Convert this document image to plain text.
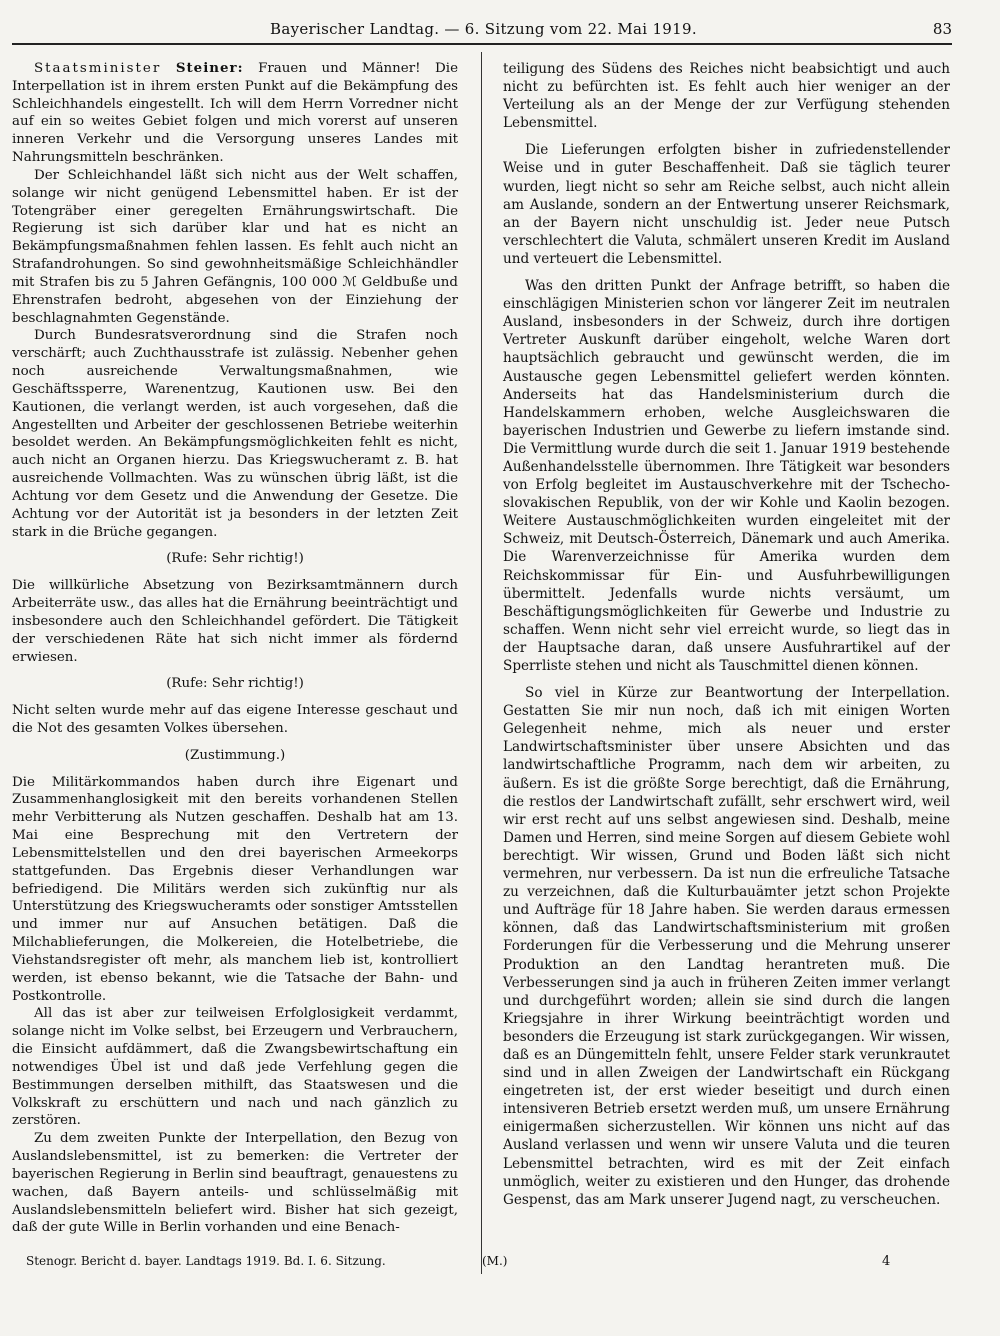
Bayerischer Landtag. — 6. Sitzung vom 22. Mai 1919.	83

Staatsminister Steiner: Frauen und Männer! Die Interpellation ist in ihrem ersten Punkt auf die Bekämpfung des Schleichhandels eingestellt. Ich will dem Herrn Vorredner nicht auf ein so weites Gebiet folgen und mich vorerst auf unseren inneren Verkehr und die Versorgung unseres Landes mit Nahrungsmitteln beschränken.

Der Schleichhandel läßt sich nicht aus der Welt schaffen, solange wir nicht genügend Lebensmittel haben. Er ist der Totengräber einer geregelten Ernährungswirtschaft. Die Regierung ist sich darüber klar und hat es nicht an Bekämpfungsmaßnahmen fehlen lassen. Es fehlt auch nicht an Strafandrohungen. So sind gewohnheitsmäßige Schleichhändler mit Strafen bis zu 5 Jahren Gefängnis, 100 000 ℳ Geldbuße und Ehrenstrafen bedroht, abgesehen von der Einziehung der beschlagnahmten Gegenstände.

Durch Bundesratsverordnung sind die Strafen noch verschärft; auch Zuchthausstrafe ist zulässig. Nebenher gehen noch ausreichende Verwaltungsmaßnahmen, wie Geschäftssperre, Warenentzug, Kautionen usw. Bei den Kautionen, die verlangt werden, ist auch vorgesehen, daß die Angestellten und Arbeiter der geschlossenen Betriebe weiterhin besoldet werden. An Bekämpfungsmöglichkeiten fehlt es nicht, auch nicht an Organen hierzu. Das Kriegswucheramt z. B. hat ausreichende Vollmachten. Was zu wünschen übrig läßt, ist die Achtung vor dem Gesetz und die Anwendung der Gesetze. Die Achtung vor der Autorität ist ja besonders in der letzten Zeit stark in die Brüche gegangen.

(Rufe: Sehr richtig!)

Die willkürliche Absetzung von Bezirksamtmännern durch Arbeiterräte usw., das alles hat die Ernährung beeinträchtigt und insbesondere auch den Schleichhandel gefördert. Die Tätigkeit der verschiedenen Räte hat sich nicht immer als fördernd erwiesen.

(Rufe: Sehr richtig!)

Nicht selten wurde mehr auf das eigene Interesse geschaut und die Not des gesamten Volkes übersehen.

(Zustimmung.)

Die Militärkommandos haben durch ihre Eigenart und Zusammenhanglosigkeit mit den bereits vorhandenen Stellen mehr Verbitterung als Nutzen geschaffen. Deshalb hat am 13. Mai eine Besprechung mit den Vertretern der Lebensmittelstellen und den drei bayerischen Armeekorps stattgefunden. Das Ergebnis dieser Verhandlungen war befriedigend. Die Militärs werden sich zukünftig nur als Unterstützung des Kriegswucheramts oder sonstiger Amtsstellen und immer nur auf Ansuchen betätigen. Daß die Milchablieferungen, die Molkereien, die Hotelbetriebe, die Viehstandsregister oft mehr, als manchem lieb ist, kontrolliert werden, ist ebenso bekannt, wie die Tatsache der Bahn- und Postkontrolle.

All das ist aber zur teilweisen Erfolglosigkeit verdammt, solange nicht im Volke selbst, bei Erzeugern und Verbrauchern, die Einsicht aufdämmert, daß die Zwangsbewirtschaftung ein notwendiges Übel ist und daß jede Verfehlung gegen die Bestimmungen derselben mithilft, das Staatswesen und die Volkskraft zu erschüttern und nach und nach gänzlich zu zerstören.

Zu dem zweiten Punkte der Interpellation, den Bezug von Auslandslebensmittel, ist zu bemerken: die Vertreter der bayerischen Regierung in Berlin sind beauftragt, genauestens zu wachen, daß Bayern anteils- und schlüsselmäßig mit Auslandslebensmitteln beliefert wird. Bisher hat sich gezeigt, daß der gute Wille in Berlin vorhanden und eine Benach-

teiligung des Südens des Reiches nicht beabsichtigt und auch nicht zu befürchten ist. Es fehlt auch hier weniger an der Verteilung als an der Menge der zur Verfügung stehenden Lebensmittel.

Die Lieferungen erfolgten bisher in zufriedenstellender Weise und in guter Beschaffenheit. Daß sie täglich teurer wurden, liegt nicht so sehr am Reiche selbst, auch nicht allein am Auslande, sondern an der Entwertung unserer Reichsmark, an der Bayern nicht unschuldig ist. Jeder neue Putsch verschlechtert die Valuta, schmälert unseren Kredit im Ausland und verteuert die Lebensmittel.

Was den dritten Punkt der Anfrage betrifft, so haben die einschlägigen Ministerien schon vor längerer Zeit im neutralen Ausland, insbesonders in der Schweiz, durch ihre dortigen Vertreter Auskunft darüber eingeholt, welche Waren dort hauptsächlich gebraucht und gewünscht werden, die im Austausche gegen Lebensmittel geliefert werden könnten. Anderseits hat das Handelsministerium durch die Handelskammern erhoben, welche Ausgleichswaren die bayerischen Industrien und Gewerbe zu liefern imstande sind. Die Vermittlung wurde durch die seit 1. Januar 1919 bestehende Außenhandelsstelle übernommen. Ihre Tätigkeit war besonders von Erfolg begleitet im Austauschverkehre mit der Tschecho-slovakischen Republik, von der wir Kohle und Kaolin bezogen. Weitere Austauschmöglichkeiten wurden eingeleitet mit der Schweiz, mit Deutsch-Österreich, Dänemark und auch Amerika. Die Warenverzeichnisse für Amerika wurden dem Reichskommissar für Ein- und Ausfuhrbewilligungen übermittelt. Jedenfalls wurde nichts versäumt, um Beschäftigungsmöglichkeiten für Gewerbe und Industrie zu schaffen. Wenn nicht sehr viel erreicht wurde, so liegt das in der Hauptsache daran, daß unsere Ausfuhrartikel auf der Sperrliste stehen und nicht als Tauschmittel dienen können.

So viel in Kürze zur Beantwortung der Interpellation. Gestatten Sie mir nun noch, daß ich mit einigen Worten Gelegenheit nehme, mich als neuer und erster Landwirtschaftsminister über unsere Absichten und das landwirtschaftliche Programm, nach dem wir arbeiten, zu äußern. Es ist die größte Sorge berechtigt, daß die Ernährung, die restlos der Landwirtschaft zufällt, sehr erschwert wird, weil wir erst recht auf uns selbst angewiesen sind. Deshalb, meine Damen und Herren, sind meine Sorgen auf diesem Gebiete wohl berechtigt. Wir wissen, Grund und Boden läßt sich nicht vermehren, nur verbessern. Da ist nun die erfreuliche Tatsache zu verzeichnen, daß die Kulturbauämter jetzt schon Projekte und Aufträge für 18 Jahre haben. Sie werden daraus ermessen können, daß das Landwirtschaftsministerium mit großen Forderungen für die Verbesserung und die Mehrung unserer Produktion an den Landtag herantreten muß. Die Verbesserungen sind ja auch in früheren Zeiten immer verlangt und durchgeführt worden; allein sie sind durch die langen Kriegsjahre in ihrer Wirkung beeinträchtigt worden und besonders die Erzeugung ist stark zurückgegangen. Wir wissen, daß es an Düngemitteln fehlt, unsere Felder stark verunkrautet sind und in allen Zweigen der Landwirtschaft ein Rückgang eingetreten ist, der erst wieder beseitigt und durch einen intensiveren Betrieb ersetzt werden muß, um unsere Ernährung einigermaßen sicherzustellen. Wir können uns nicht auf das Ausland verlassen und wenn wir unsere Valuta und die teuren Lebensmittel betrachten, wird es mit der Zeit einfach unmöglich, weiter zu existieren und den Hunger, das drohende Gespenst, das am Mark unserer Jugend nagt, zu verscheuchen.

Stenogr. Bericht d. bayer. Landtags 1919. Bd. I. 6. Sitzung.	(M.)	4
